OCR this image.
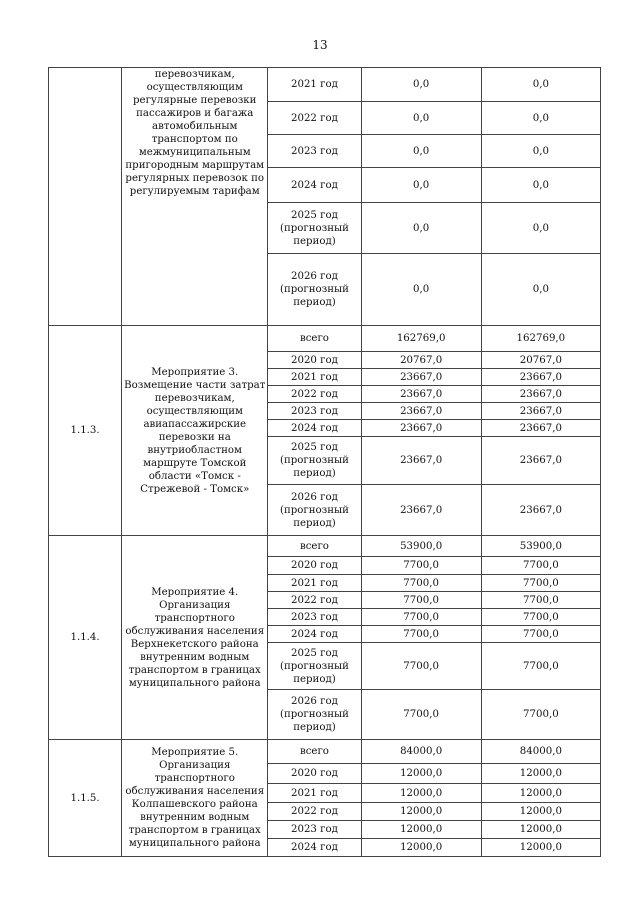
13
	перевозчикам, осуществляющим регулярные перевозки пассажиров и багажа автомобильным транспортом по межмуниципальным пригородным маршрутам регулярных перевозок по регулируемым тарифам	2021 год	0,0	0,0
		2022 год	0,0	0,0
		2023 год	0,0	0,0
		2024 год	0,0	0,0
		2025 год (прогнозный период)	0,0	0,0
		2026 год (прогнозный период)	0,0	0,0
1.1.3.	Мероприятие 3. Возмещение части затрат перевозчикам, осуществляющим авиапассажирские перевозки на внутриобластном маршруте Томской области «Томск - Стрежевой - Томск»	всего	162769,0	162769,0
		2020 год	20767,0	20767,0
		2021 год	23667,0	23667,0
		2022 год	23667,0	23667,0
		2023 год	23667,0	23667,0
		2024 год	23667,0	23667,0
		2025 год (прогнозный период)	23667,0	23667,0
		2026 год (прогнозный период)	23667,0	23667,0
1.1.4.	Мероприятие 4. Организация транспортного обслуживания населения Верхнекетского района внутренним водным транспортом в границах муниципального района	всего	53900,0	53900,0
		2020 год	7700,0	7700,0
		2021 год	7700,0	7700,0
		2022 год	7700,0	7700,0
		2023 год	7700,0	7700,0
		2024 год	7700,0	7700,0
		2025 год (прогнозный период)	7700,0	7700,0
		2026 год (прогнозный период)	7700,0	7700,0
1.1.5.	Мероприятие 5. Организация транспортного обслуживания населения Колпашевского района внутренним водным транспортом в границах муниципального района	всего	84000,0	84000,0
		2020 год	12000,0	12000,0
		2021 год	12000,0	12000,0
		2022 год	12000,0	12000,0
		2023 год	12000,0	12000,0
		2024 год	12000,0	12000,0
